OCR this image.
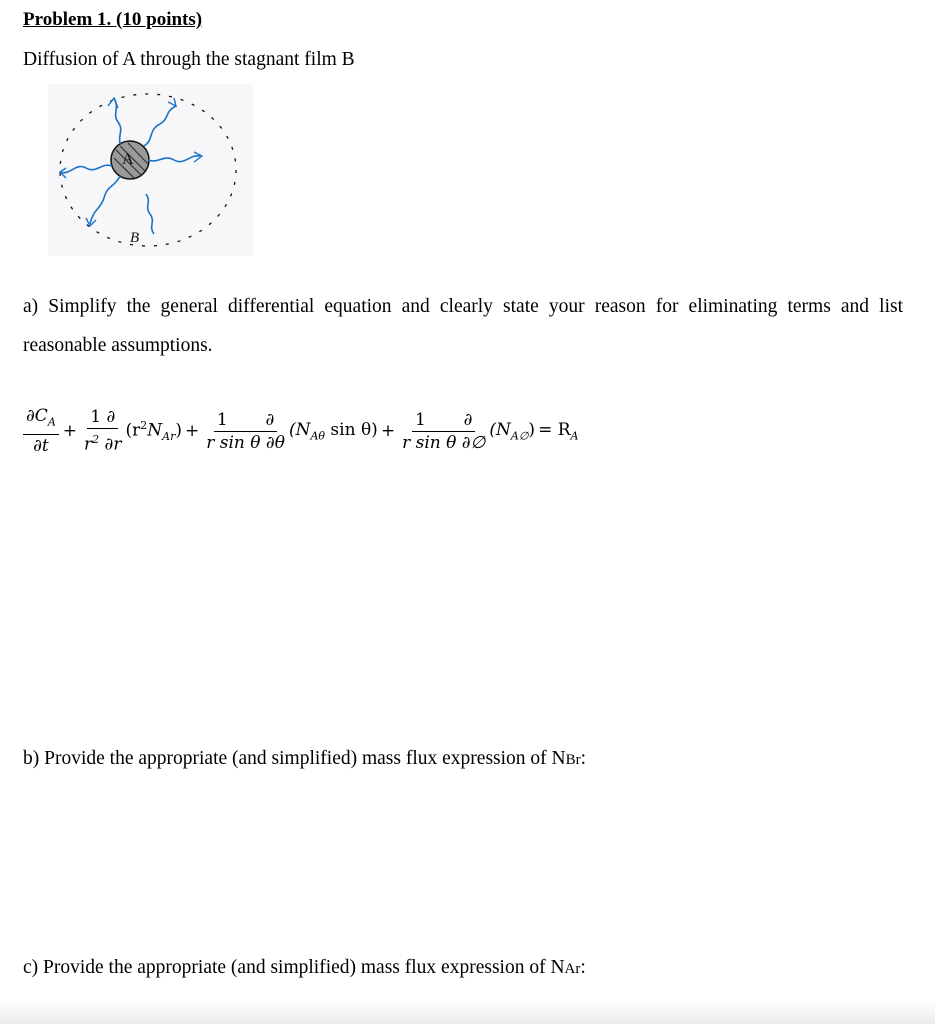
Problem 1. (10 points)
Diffusion of A through the stagnant film B
A
B
a) Simplify the general differential equation and clearly state your reason for eliminating terms and list reasonable assumptions.
$\frac{\partial C_A}{\partial t} + \frac{1 \partial}{r^2 \partial r} (r^2N_{Ar}) + \frac{1 \partial}{\text{r sin θ ∂θ}} (N_{A\theta}$ $\sin \theta) + \frac{1 \partial}{\text{r sin θ ∂∅}} (N_{A\emptyset}) = R_A$
b) Provide the appropriate (and simplified) mass flux expression of NBr:
c) Provide the appropriate (and simplified) mass flux expression of NAr:
